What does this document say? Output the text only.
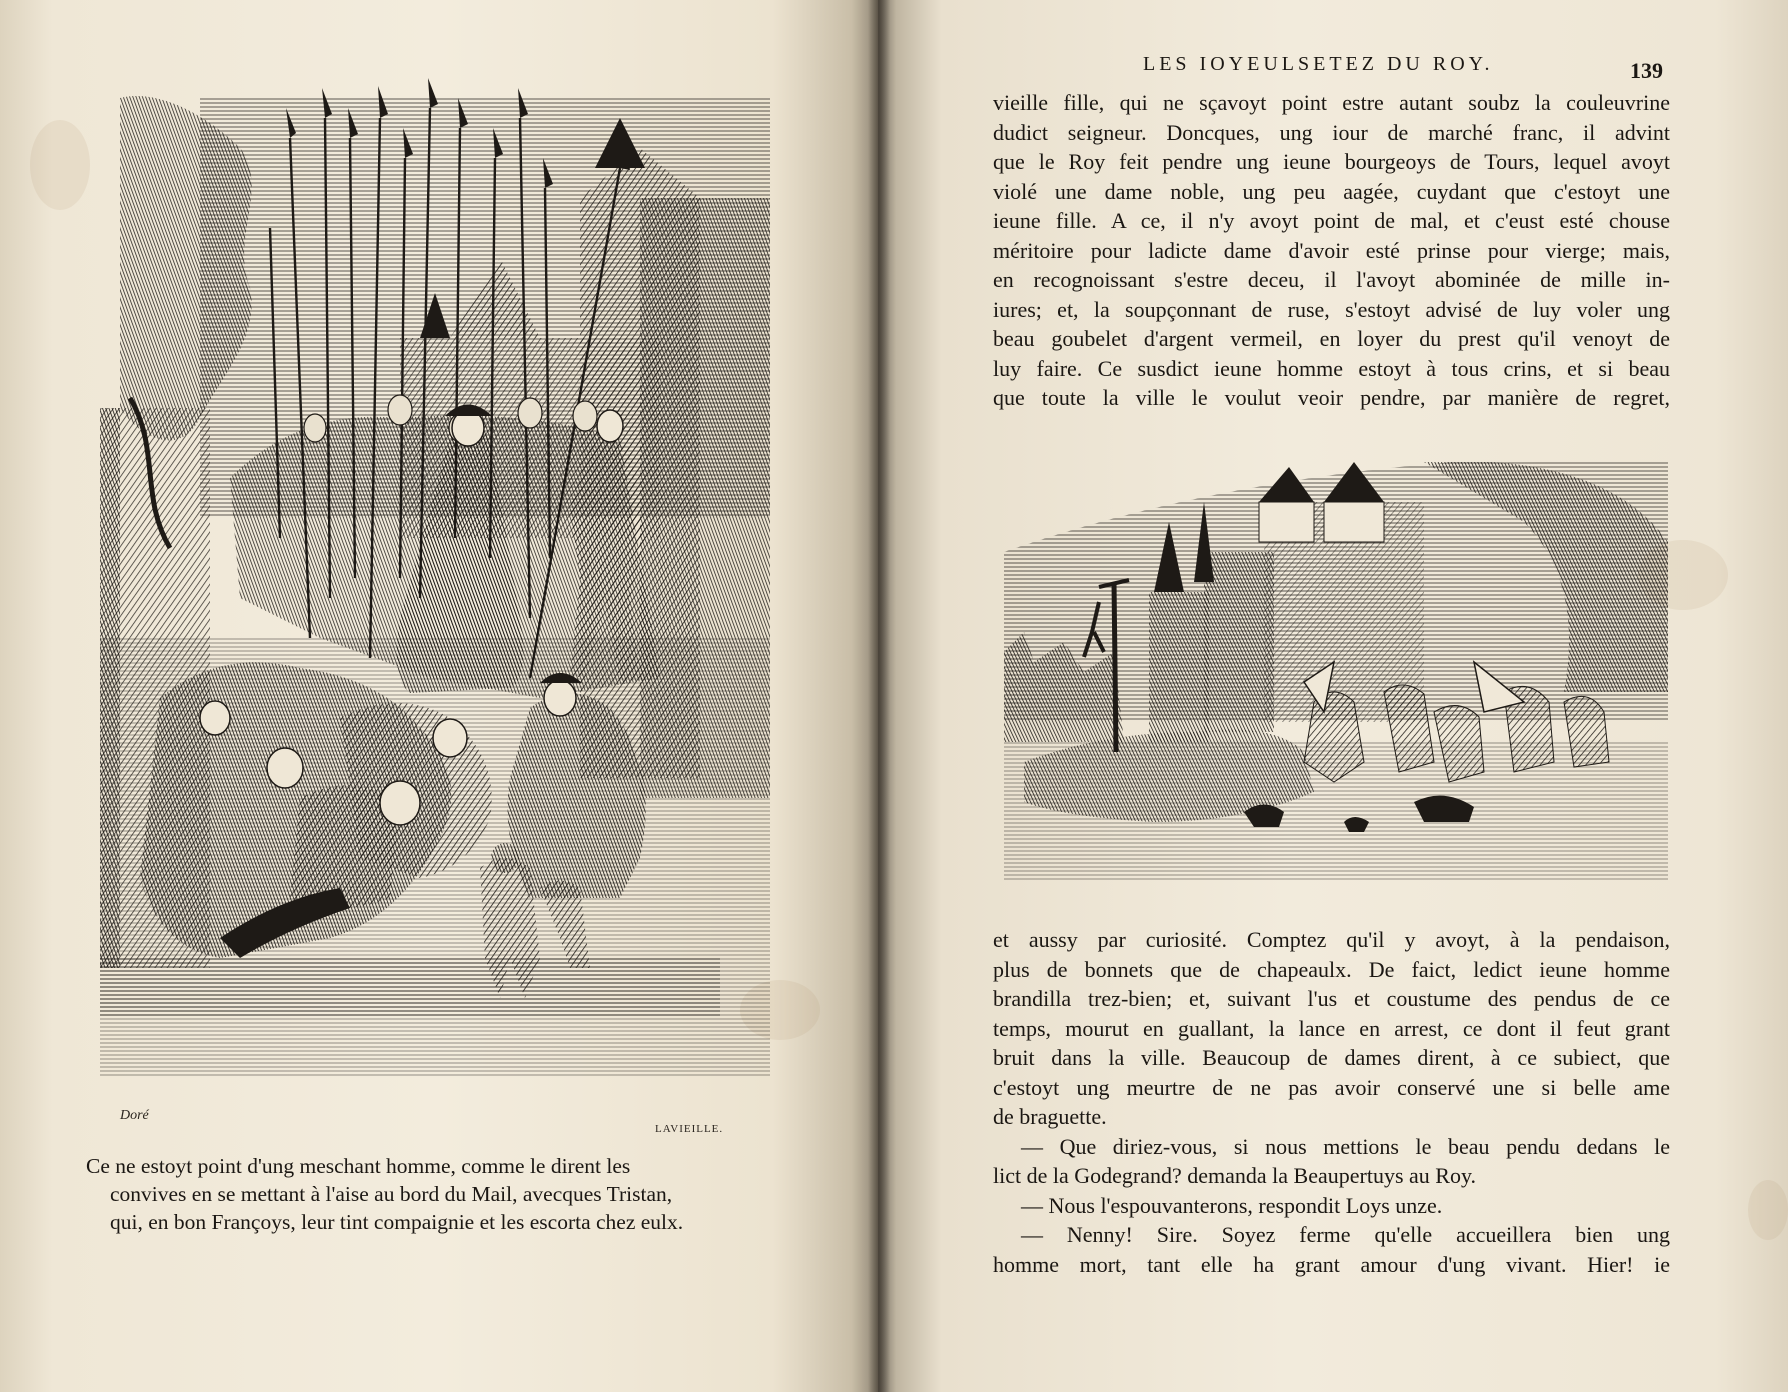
Doré
LAVIEILLE.
Ce ne estoyt point d'ung meschant homme, comme le dirent les
convives en se mettant à l'aise au bord du Mail, avecques Tristan,
qui, en bon Françoys, leur tint compaignie et les escorta chez eulx.
LES IOYEULSETEZ DU ROY.	139
vieille fille, qui ne sçavoyt point estre autant soubz la couleuvrine
dudict seigneur. Doncques, ung iour de marché franc, il advint
que le Roy feit pendre ung ieune bourgeoys de Tours, lequel avoyt
violé une dame noble, ung peu aagée, cuydant que c'estoyt une
ieune fille. A ce, il n'y avoyt point de mal, et c'eust esté chouse
méritoire pour ladicte dame d'avoir esté prinse pour vierge; mais,
en recognoissant s'estre deceu, il l'avoyt abominée de mille in-
iures; et, la soupçonnant de ruse, s'estoyt advisé de luy voler ung
beau goubelet d'argent vermeil, en loyer du prest qu'il venoyt de
luy faire. Ce susdict ieune homme estoyt à tous crins, et si beau
que toute la ville le voulut veoir pendre, par manière de regret,
et aussy par curiosité. Comptez qu'il y avoyt, à la pendaison,
plus de bonnets que de chapeaulx. De faict, ledict ieune homme
brandilla trez-bien; et, suivant l'us et coustume des pendus de ce
temps, mourut en guallant, la lance en arrest, ce dont il feut grant
bruit dans la ville. Beaucoup de dames dirent, à ce subiect, que
c'estoyt ung meurtre de ne pas avoir conservé une si belle ame
de braguette.
— Que diriez-vous, si nous mettions le beau pendu dedans le
lict de la Godegrand? demanda la Beaupertuys au Roy.
— Nous l'espouvanterons, respondit Loys unze.
— Nenny! Sire. Soyez ferme qu'elle accueillera bien ung
homme mort, tant elle ha grant amour d'ung vivant. Hier! ie
